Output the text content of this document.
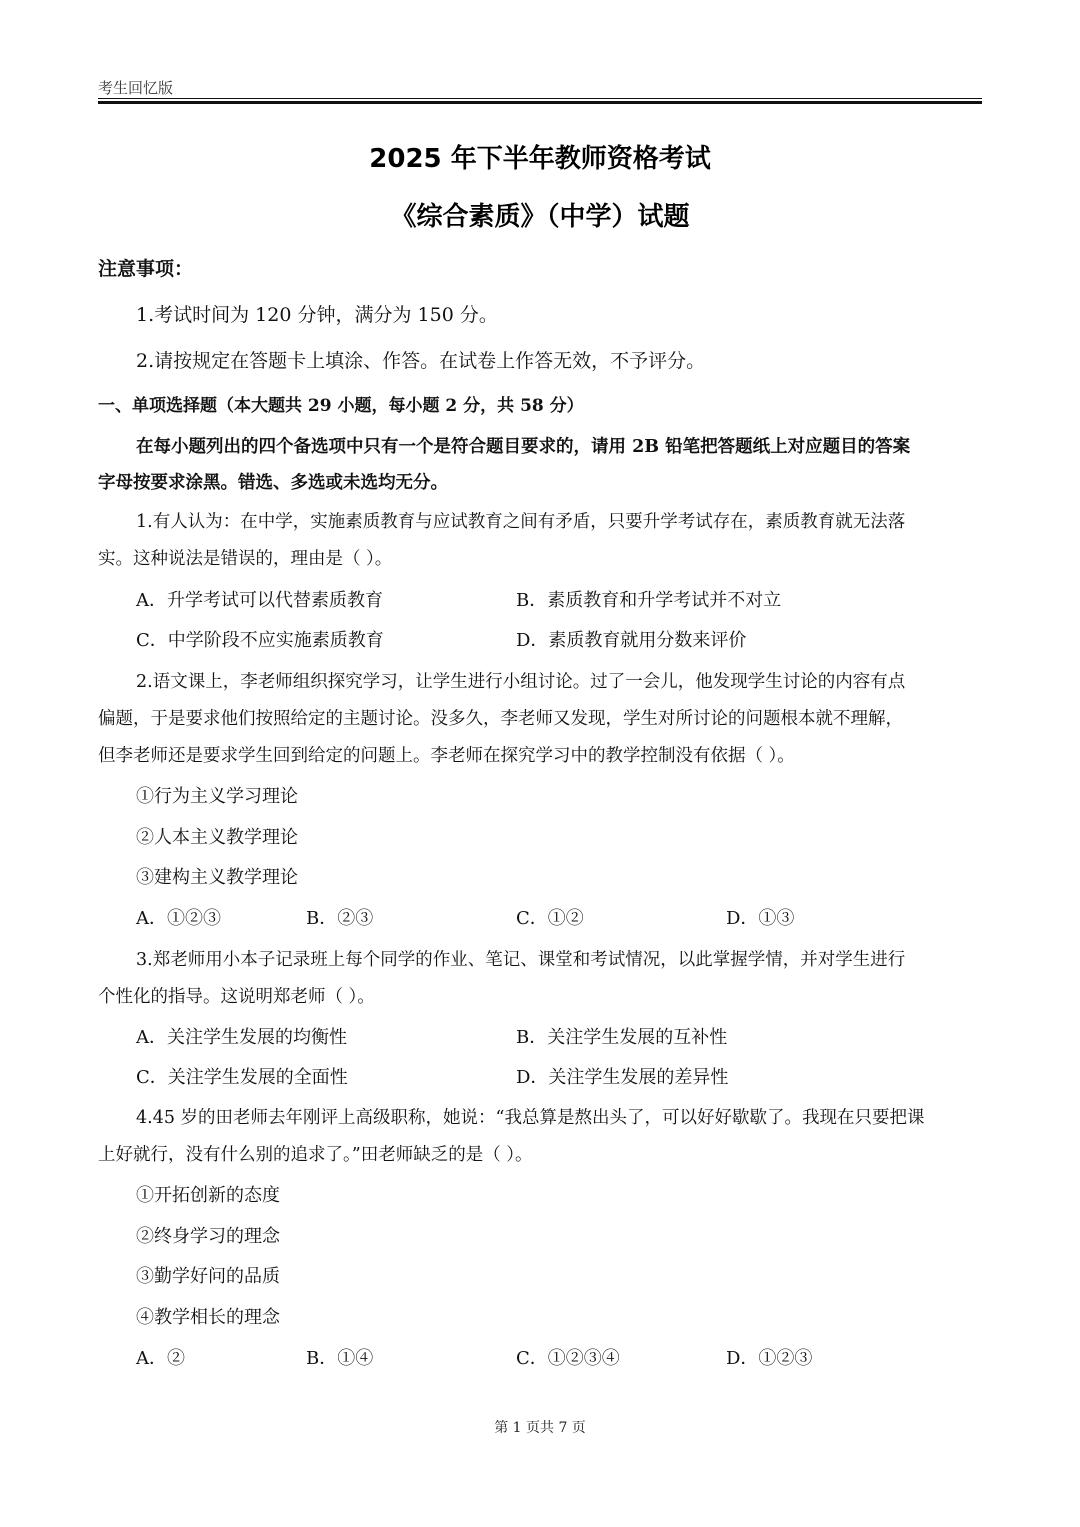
考生回忆版
2025 年下半年教师资格考试
《综合素质》（中学）试题
注意事项：
1.考试时间为 120 分钟，满分为 150 分。
2.请按规定在答题卡上填涂、作答。在试卷上作答无效，不予评分。
一、单项选择题（本大题共 29 小题，每小题 2 分，共 58 分）
在每小题列出的四个备选项中只有一个是符合题目要求的，请用 2B 铅笔把答题纸上对应题目的答案
字母按要求涂黑。错选、多选或未选均无分。
1.有人认为：在中学，实施素质教育与应试教育之间有矛盾，只要升学考试存在，素质教育就无法落
实。这种说法是错误的，理由是（ ）。
A．升学考试可以代替素质教育	B．素质教育和升学考试并不对立
C．中学阶段不应实施素质教育	D．素质教育就用分数来评价
2.语文课上，李老师组织探究学习，让学生进行小组讨论。过了一会儿，他发现学生讨论的内容有点
偏题，于是要求他们按照给定的主题讨论。没多久，李老师又发现，学生对所讨论的问题根本就不理解，
但李老师还是要求学生回到给定的问题上。李老师在探究学习中的教学控制没有依据（ ）。
①行为主义学习理论
②人本主义教学理论
③建构主义教学理论
A．①②③	B．②③	C．①②	D．①③
3.郑老师用小本子记录班上每个同学的作业、笔记、课堂和考试情况，以此掌握学情，并对学生进行
个性化的指导。这说明郑老师（ ）。
A．关注学生发展的均衡性	B．关注学生发展的互补性
C．关注学生发展的全面性	D．关注学生发展的差异性
4.45 岁的田老师去年刚评上高级职称，她说：“我总算是熬出头了，可以好好歇歇了。我现在只要把课
上好就行，没有什么别的追求了。”田老师缺乏的是（ ）。
①开拓创新的态度
②终身学习的理念
③勤学好问的品质
④教学相长的理念
A．②	B．①④	C．①②③④	D．①②③
第 1 页共 7 页
